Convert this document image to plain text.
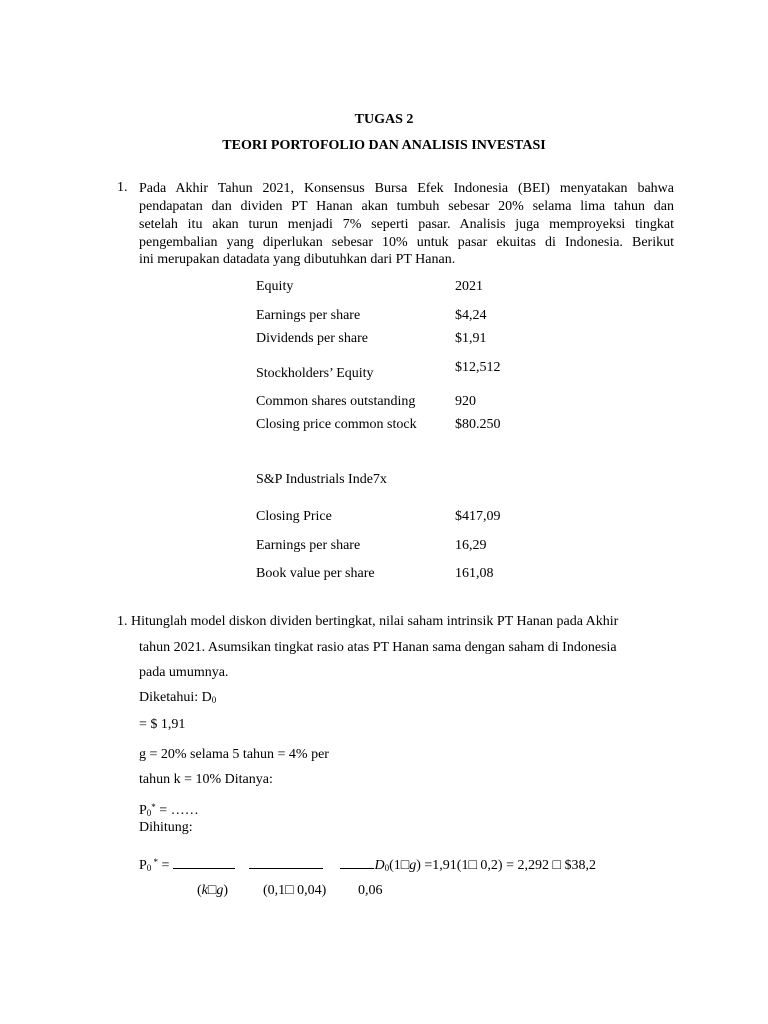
TUGAS 2
TEORI PORTOFOLIO DAN ANALISIS INVESTASI
1. Pada Akhir Tahun 2021, Konsensus Bursa Efek Indonesia (BEI) menyatakan bahwa
pendapatan dan dividen PT Hanan akan tumbuh sebesar 20% selama lima tahun dan
setelah itu akan turun menjadi 7% seperti pasar. Analisis juga memproyeksi tingkat
pengembalian yang diperlukan sebesar 10% untuk pasar ekuitas di Indonesia. Berikut
ini merupakan datadata yang dibutuhkan dari PT Hanan.
Equity	2021
Earnings per share	$4,24
Dividends per share	$1,91
Stockholders’ Equity	$12,512
Common shares outstanding	920
Closing price common stock	$80.250
S&P Industrials Inde7x
Closing Price	$417,09
Earnings per share	16,29
Book value per share	161,08
1. Hitunglah model diskon dividen bertingkat, nilai saham intrinsik PT Hanan pada Akhir
tahun 2021. Asumsikan tingkat rasio atas PT Hanan sama dengan saham di Indonesia
pada umumnya.
Diketahui: $D_0$
= $ 1,91
g = 20% selama 5 tahun = 4% per
tahun k = 10% Ditanya:
$P_0^*$ = ……
Dihitung:
$P_0$ * =	$D_0(1□g)$ =1,91(1□ 0,2) = 2,292 □ $38,2
(k□g) (0,1□ 0,04) 0,06
